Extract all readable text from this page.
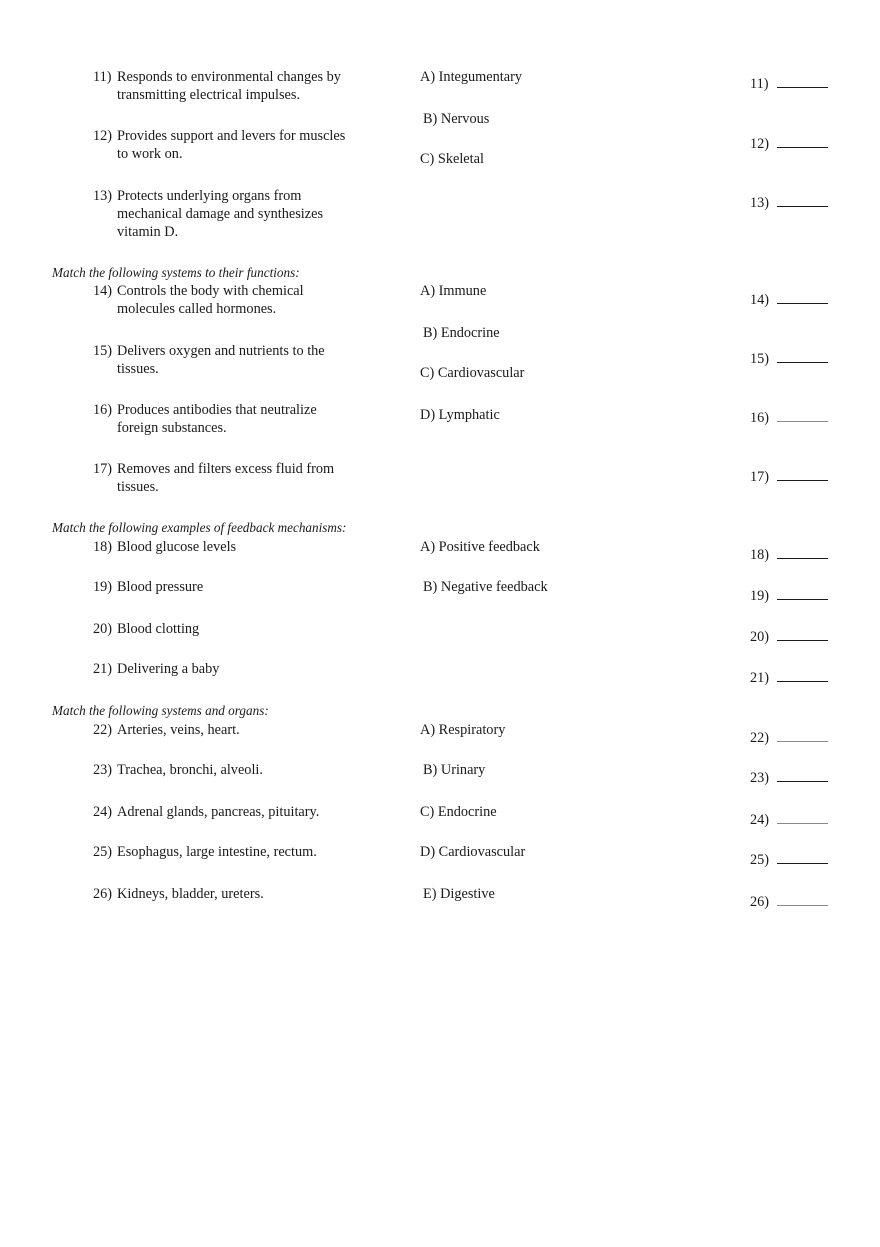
11) Responds to environmental changes by transmitting electrical impulses.
12) Provides support and levers for muscles to work on.
13) Protects underlying organs from mechanical damage and synthesizes vitamin D.
A) Integumentary
B) Nervous
C) Skeletal
11)
12)
13)
Match the following systems to their functions:
14) Controls the body with chemical molecules called hormones.
15) Delivers oxygen and nutrients to the tissues.
16) Produces antibodies that neutralize foreign substances.
17) Removes and filters excess fluid from tissues.
A) Immune
B) Endocrine
C) Cardiovascular
D) Lymphatic
14)
15)
16)
17)
Match the following examples of feedback mechanisms:
18) Blood glucose levels
19) Blood pressure
20) Blood clotting
21) Delivering a baby
A) Positive feedback
B) Negative feedback
18)
19)
20)
21)
Match the following systems and organs:
22) Arteries, veins, heart.
23) Trachea, bronchi, alveoli.
24) Adrenal glands, pancreas, pituitary.
25) Esophagus, large intestine, rectum.
26) Kidneys, bladder, ureters.
A) Respiratory
B) Urinary
C) Endocrine
D) Cardiovascular
E) Digestive
22)
23)
24)
25)
26)
